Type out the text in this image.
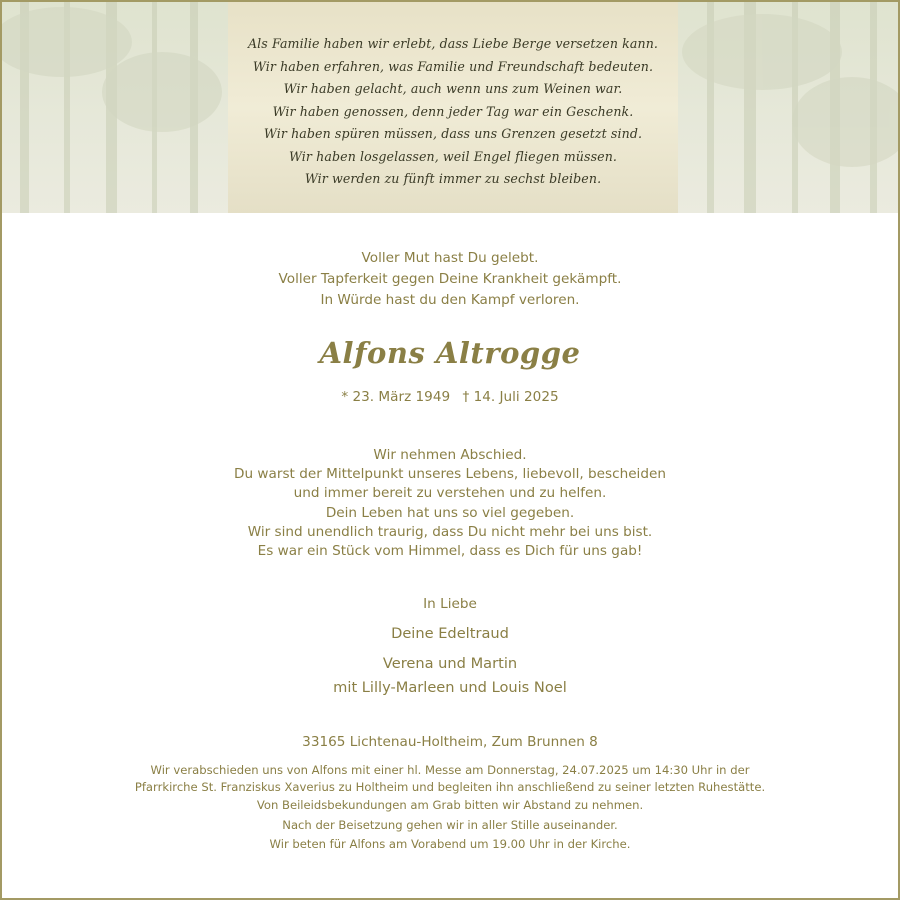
Als Familie haben wir erlebt, dass Liebe Berge versetzen kann.
Wir haben erfahren, was Familie und Freundschaft bedeuten.
Wir haben gelacht, auch wenn uns zum Weinen war.
Wir haben genossen, denn jeder Tag war ein Geschenk.
Wir haben spüren müssen, dass uns Grenzen gesetzt sind.
Wir haben losgelassen, weil Engel fliegen müssen.
Wir werden zu fünft immer zu sechst bleiben.
Voller Mut hast Du gelebt.
Voller Tapferkeit gegen Deine Krankheit gekämpft.
In Würde hast du den Kampf verloren.
Alfons Altrogge
* 23. März 1949 † 14. Juli 2025
Wir nehmen Abschied.
Du warst der Mittelpunkt unseres Lebens, liebevoll, bescheiden
und immer bereit zu verstehen und zu helfen.
Dein Leben hat uns so viel gegeben.
Wir sind unendlich traurig, dass Du nicht mehr bei uns bist.
Es war ein Stück vom Himmel, dass es Dich für uns gab!
In Liebe
Deine Edeltraud
Verena und Martin
mit Lilly-Marleen und Louis Noel
33165 Lichtenau-Holtheim, Zum Brunnen 8
Wir verabschieden uns von Alfons mit einer hl. Messe am Donnerstag, 24.07.2025 um 14:30 Uhr in der
Pfarrkirche St. Franziskus Xaverius zu Holtheim und begleiten ihn anschließend zu seiner letzten Ruhestätte.
Von Beileidsbekundungen am Grab bitten wir Abstand zu nehmen.
Nach der Beisetzung gehen wir in aller Stille auseinander.
Wir beten für Alfons am Vorabend um 19.00 Uhr in der Kirche.
